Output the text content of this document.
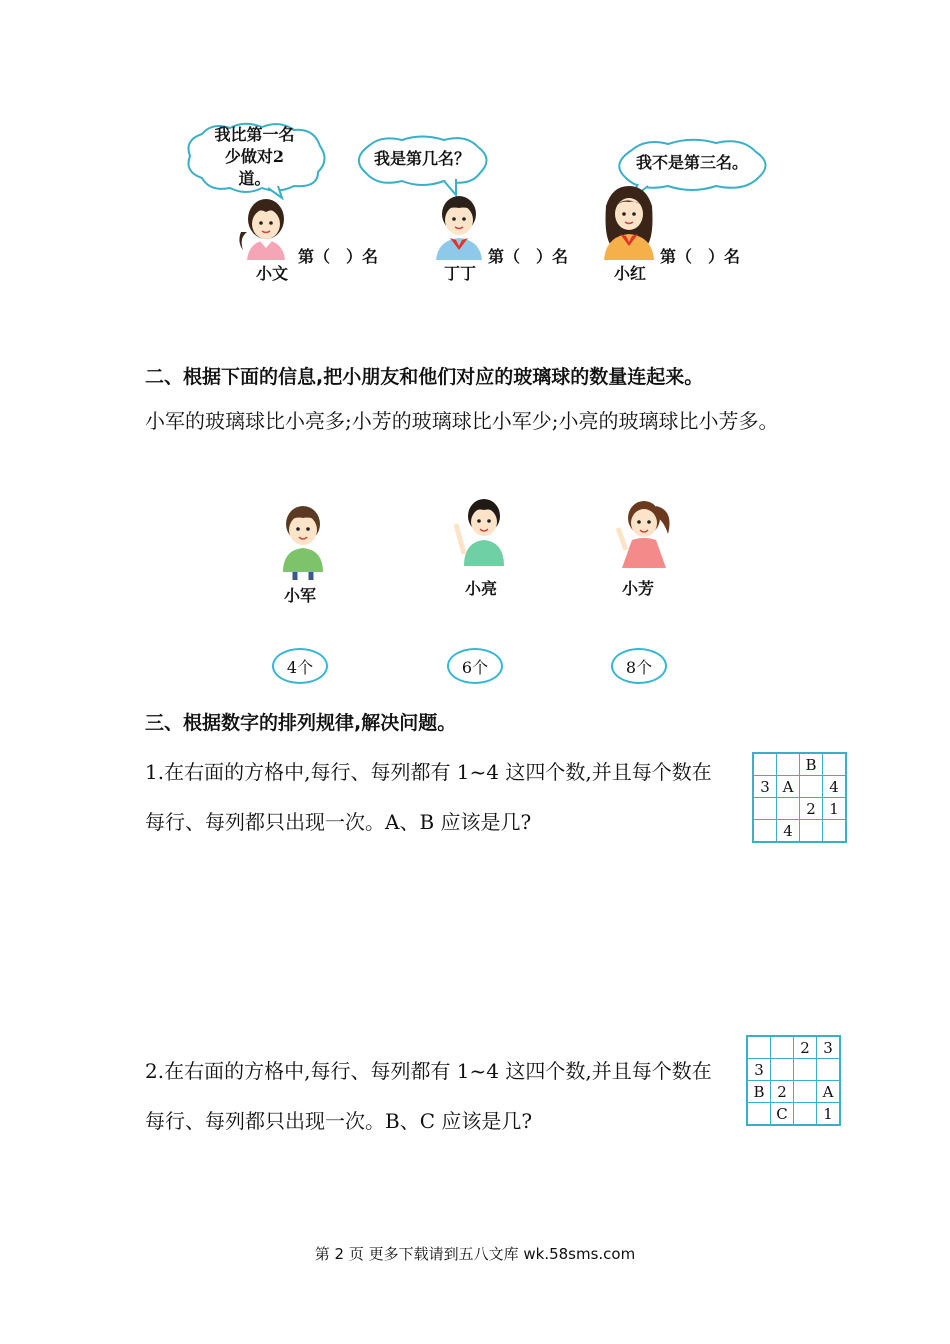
我比第一名少做对2道。
我是第几名？	我不是第三名。
第（　）名	第（　）名	第（　）名
小文	丁丁	小红
二、根据下面的信息,把小朋友和他们对应的玻璃球的数量连起来。
小军的玻璃球比小亮多;小芳的玻璃球比小军少;小亮的玻璃球比小芳多。
小军	小亮	小芳
4个	6个	8个
三、根据数字的排列规律,解决问题。
1.在右面的方格中,每行、每列都有 1~4 这四个数,并且每个数在每行、每列都只出现一次。A、B 应该是几?
		B	
3	A		4
		2	1
	4		
2.在右面的方格中,每行、每列都有 1~4 这四个数,并且每个数在每行、每列都只出现一次。B、C 应该是几?
		2	3
3			
B	2		A
	C		1
第 2 页 更多下载请到五八文库 wk.58sms.com
